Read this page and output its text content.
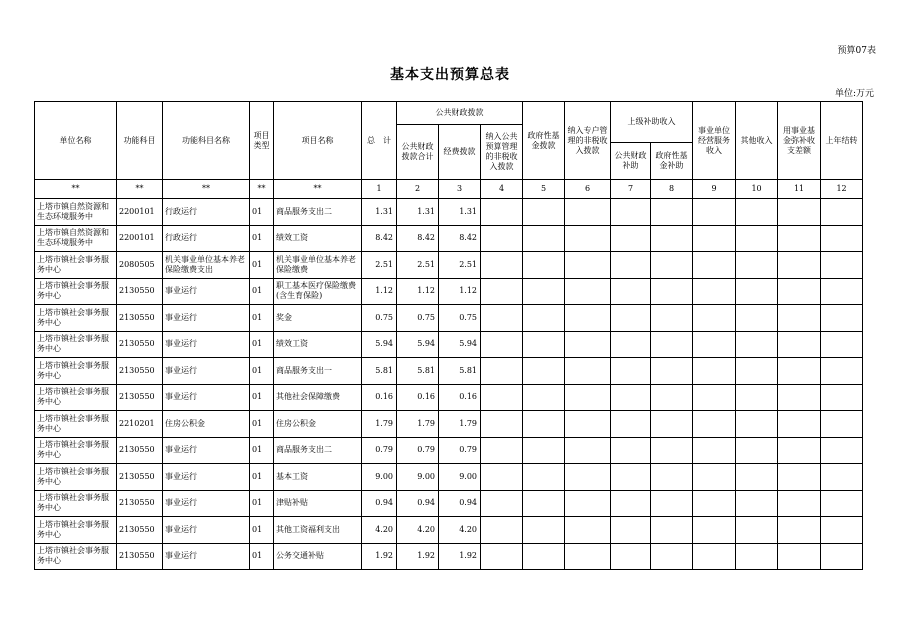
预算07表
基本支出预算总表
单位:万元
单位名称	功能科目	功能科目名称	项目类型	项目名称	总　计	公共财政拨款			政府性基金拨款	纳入专户管理的非税收入拨款	上级补助收入		事业单位经营服务收入	其他收入	用事业基金弥补收支差额	上年结转
						公共财政拨款合计	经费拨款	纳入公共预算管理的非税收入拨款								
											公共财政补助	政府性基金补助				
**	**	**	**	**	1	2	3	4	5	6	7	8	9	10	11	12
上塔市镇自然资源和生态环境服务中	2200101	行政运行	01	商品服务支出二	1.31	1.31	1.31									
上塔市镇自然资源和生态环境服务中	2200101	行政运行	01	绩效工资	8.42	8.42	8.42									
上塔市镇社会事务服务中心	2080505	机关事业单位基本养老保险缴费支出	01	机关事业单位基本养老保险缴费	2.51	2.51	2.51									
上塔市镇社会事务服务中心	2130550	事业运行	01	职工基本医疗保险缴费(含生育保险)	1.12	1.12	1.12									
上塔市镇社会事务服务中心	2130550	事业运行	01	奖金	0.75	0.75	0.75									
上塔市镇社会事务服务中心	2130550	事业运行	01	绩效工资	5.94	5.94	5.94									
上塔市镇社会事务服务中心	2130550	事业运行	01	商品服务支出一	5.81	5.81	5.81									
上塔市镇社会事务服务中心	2130550	事业运行	01	其他社会保障缴费	0.16	0.16	0.16									
上塔市镇社会事务服务中心	2210201	住房公积金	01	住房公积金	1.79	1.79	1.79									
上塔市镇社会事务服务中心	2130550	事业运行	01	商品服务支出二	0.79	0.79	0.79									
上塔市镇社会事务服务中心	2130550	事业运行	01	基本工资	9.00	9.00	9.00									
上塔市镇社会事务服务中心	2130550	事业运行	01	津贴补贴	0.94	0.94	0.94									
上塔市镇社会事务服务中心	2130550	事业运行	01	其他工资福利支出	4.20	4.20	4.20									
上塔市镇社会事务服务中心	2130550	事业运行	01	公务交通补贴	1.92	1.92	1.92									
